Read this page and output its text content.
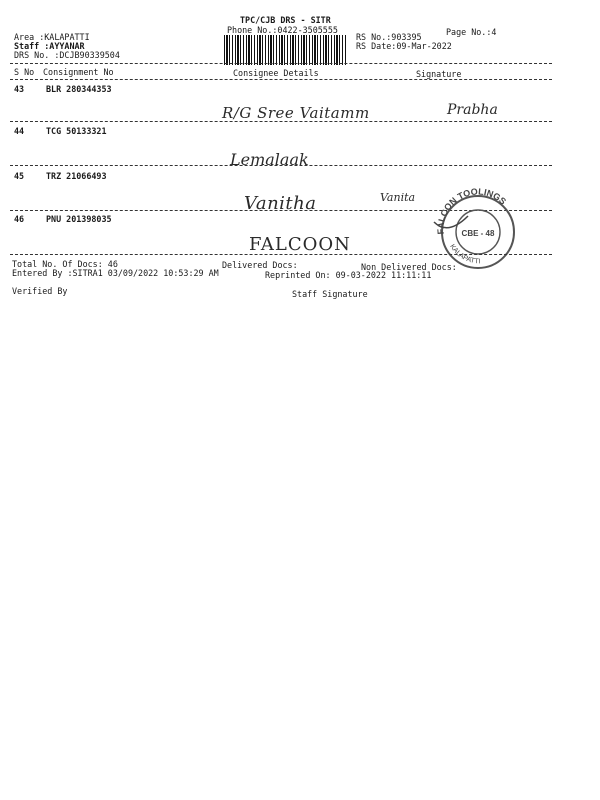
TPC/CJB DRS - SITR
Phone No.:0422-3505555	Page No.:4
Area :KALAPATTI
Staff :AYYANAR
DRS No. :DCJB90339504
RS No.:903395
RS Date:09-Mar-2022
S No Consignment No	Consignee Details	Signature
43	BLR 280344353
R/G Sree Vaitamm	Prabha
44	TCG 50133321
Lemalaak
45	TRZ 21066493
Vanitha	Vanita
46	PNU 201398035
FALCOON
FALCON TOOLINGS
CBE - 48
KALAPATTI
Total No. Of Docs: 46	Delivered Docs:	Non Delivered Docs:
Entered By :SITRA1 03/09/2022 10:53:29 AM	Reprinted On: 09-03-2022 11:11:11
Verified By	Staff Signature
